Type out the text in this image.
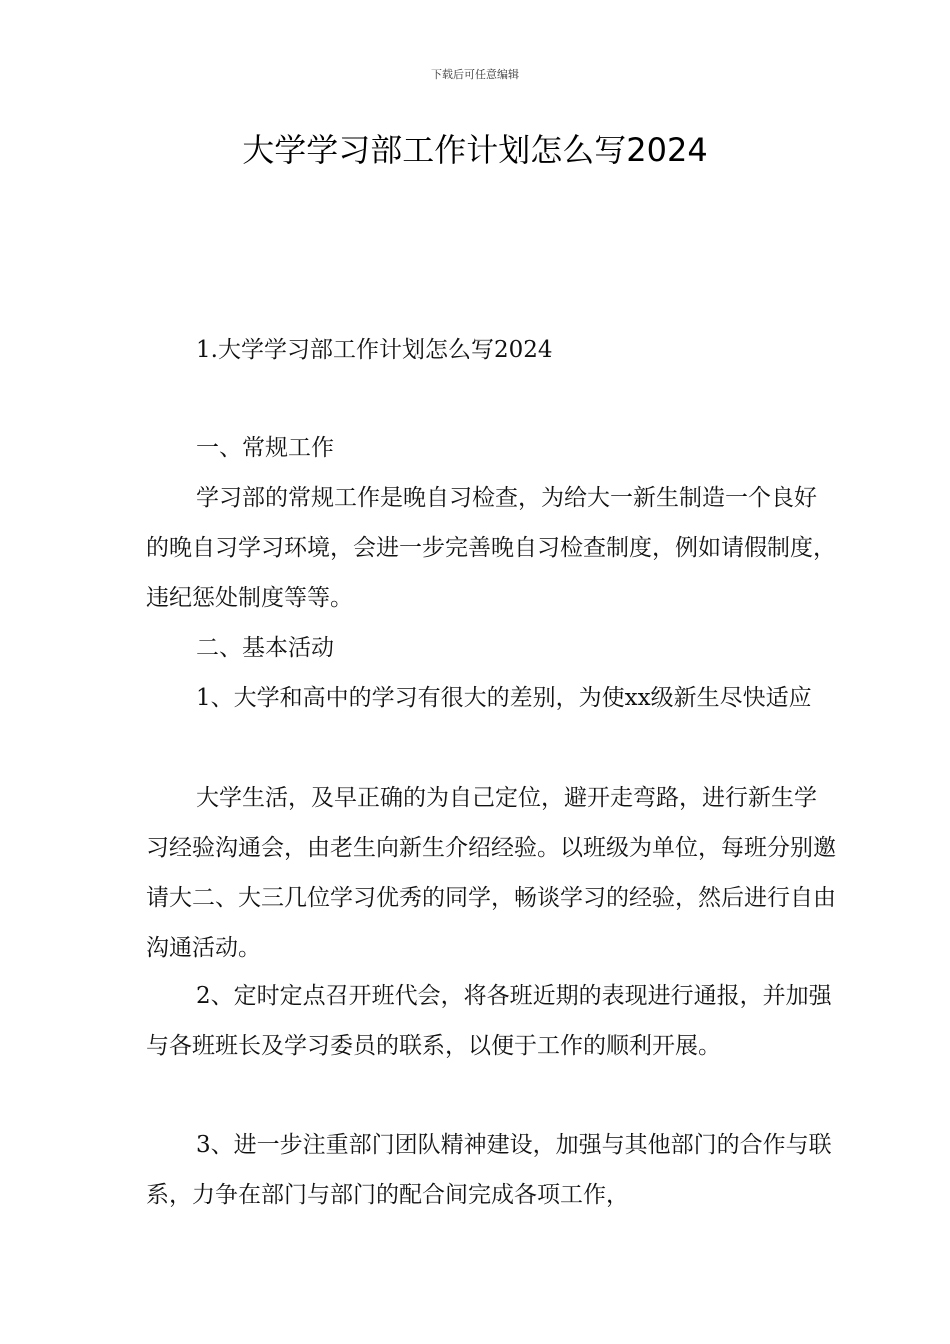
下载后可任意编辑
大学学习部工作计划怎么写2024

1.大学学习部工作计划怎么写2024

一、常规工作

学习部的常规工作是晚自习检查，为给大一新生制造一个良好的晚自习学习环境，会进一步完善晚自习检查制度，例如请假制度，违纪惩处制度等等。

二、基本活动

1、大学和高中的学习有很大的差别，为使xx级新生尽快适应

大学生活，及早正确的为自己定位，避开走弯路，进行新生学习经验沟通会，由老生向新生介绍经验。以班级为单位，每班分别邀请大二、大三几位学习优秀的同学，畅谈学习的经验，然后进行自由沟通活动。

2、定时定点召开班代会，将各班近期的表现进行通报，并加强与各班班长及学习委员的联系，以便于工作的顺利开展。

3、进一步注重部门团队精神建设，加强与其他部门的合作与联系，力争在部门与部门的配合间完成各项工作，
